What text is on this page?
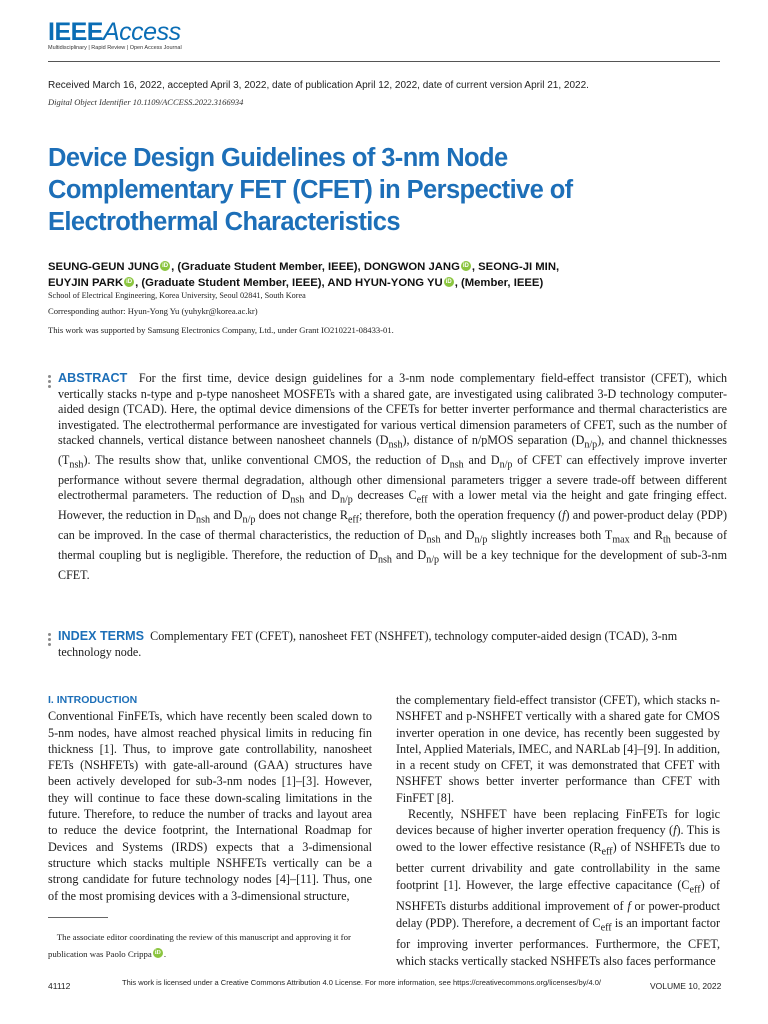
IEEEAccess
Multidisciplinary | Rapid Review | Open Access Journal
Received March 16, 2022, accepted April 3, 2022, date of publication April 12, 2022, date of current version April 21, 2022.
Digital Object Identifier 10.1109/ACCESS.2022.3166934
Device Design Guidelines of 3-nm Node Complementary FET (CFET) in Perspective of Electrothermal Characteristics
SEUNG-GEUN JUNG iD , (Graduate Student Member, IEEE), DONGWON JANG iD , SEONG-JI MIN,
EUYJIN PARK iD , (Graduate Student Member, IEEE), AND HYUN-YONG YU iD , (Member, IEEE)
School of Electrical Engineering, Korea University, Seoul 02841, South Korea
Corresponding author: Hyun-Yong Yu (yuhykr@korea.ac.kr)
This work was supported by Samsung Electronics Company, Ltd., under Grant IO210221-08433-01.
ABSTRACT For the first time, device design guidelines for a 3-nm node complementary field-effect transistor (CFET), which vertically stacks n-type and p-type nanosheet MOSFETs with a shared gate, are investigated using calibrated 3-D technology computer-aided design (TCAD). Here, the optimal device dimensions of the CFETs for better inverter performance and thermal characteristics are investigated. The electrothermal performance are investigated for various vertical dimension parameters of CFET, such as the number of stacked channels, vertical distance between nanosheet channels $(D_{nsh})$, distance of n/pMOS separation $(D_{n/p})$, and channel thicknesses $(T_{nsh})$. The results show that, unlike conventional CMOS, the reduction of $D_{nsh}$ and $D_{n/p}$ of CFET can effectively improve inverter performance without severe thermal degradation, although other dimensional parameters trigger a severe trade-off between different electrothermal parameters. The reduction of $D_{nsh}$ and $D_{n/p}$ decreases $C_{eff}$ with a lower metal via the height and gate fringing effect. However, the reduction in $D_{nsh}$ and $D_{n/p}$ does not change $R_{eff}$; therefore, both the operation frequency (f) and power-product delay (PDP) can be improved. In the case of thermal characteristics, the reduction of $D_{nsh}$ and $D_{n/p}$ slightly increases both $T_{max}$ and $R_{th}$ because of thermal coupling but is negligible. Therefore, the reduction of $D_{nsh}$ and $D_{n/p}$ will be a key technique for the development of sub-3-nm CFET.
INDEX TERMS Complementary FET (CFET), nanosheet FET (NSHFET), technology computer-aided design (TCAD), 3-nm technology node.
I. INTRODUCTION

Conventional FinFETs, which have recently been scaled down to 5-nm nodes, have almost reached physical limits in reducing fin thickness [1]. Thus, to improve gate controllability, nanosheet FETs (NSHFETs) with gate-all-around (GAA) structures have been actively developed for sub-3-nm nodes [1]–[3]. However, they will continue to face these down-scaling limitations in the future. Therefore, to reduce the number of tracks and layout area to reduce the device footprint, the International Roadmap for Devices and Systems (IRDS) expects that a 3-dimensional structure which stacks multiple NSHFETs vertically can be a strong candidate for future technology nodes [4]–[11]. Thus, one of the most promising devices with a 3-dimensional structure,

The associate editor coordinating the review of this manuscript and approving it for publication was Paolo Crippa iD .

the complementary field-effect transistor (CFET), which stacks n-NSHFET and p-NSHFET vertically with a shared gate for CMOS inverter operation in one device, has recently been suggested by Intel, Applied Materials, IMEC, and NARLab [4]–[9]. In addition, in a recent study on CFET, it was demonstrated that CFET with NSHFET shows better inverter performance than CFET with FinFET [8].

Recently, NSHFET have been replacing FinFETs for logic devices because of higher inverter operation frequency (f). This is owed to the lower effective resistance $(R_{eff})$ of NSHFETs due to better current drivability and gate controllability in the same footprint [1]. However, the large effective capacitance $(C_{eff})$ of NSHFETs disturbs additional improvement of f or power-product delay (PDP). Therefore, a decrement of $C_{eff}$ is an important factor for improving inverter performances. Furthermore, the CFET, which stacks vertically stacked NSHFETs also faces performance

41112	This work is licensed under a Creative Commons Attribution 4.0 License. For more information, see https://creativecommons.org/licenses/by/4.0/	VOLUME 10, 2022
